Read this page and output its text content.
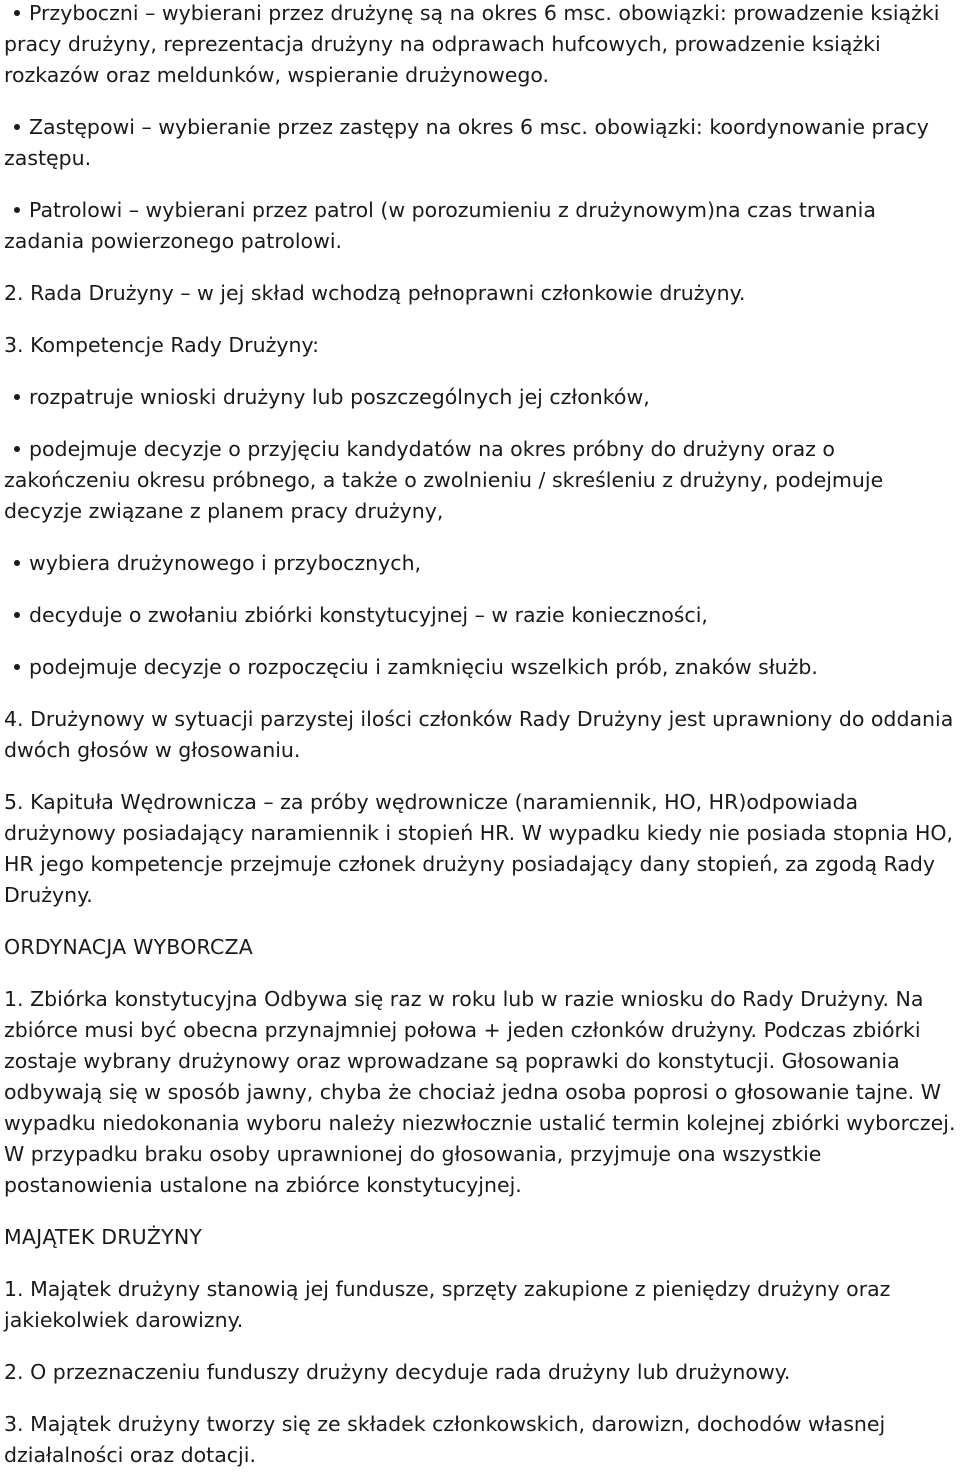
Przyboczni – wybierani przez drużynę są na okres 6 msc. obowiązki: prowadzenie książki pracy drużyny, reprezentacja drużyny na odprawach hufcowych, prowadzenie książki rozkazów oraz meldunków, wspieranie drużynowego.

Zastępowi – wybieranie przez zastępy na okres 6 msc. obowiązki: koordynowanie pracy zastępu.

Patrolowi – wybierani przez patrol (w porozumieniu z drużynowym)na czas trwania zadania powierzonego patrolowi.

2. Rada Drużyny – w jej skład wchodzą pełnoprawni członkowie drużyny.

3. Kompetencje Rady Drużyny:

rozpatruje wnioski drużyny lub poszczególnych jej członków,

podejmuje decyzje o przyjęciu kandydatów na okres próbny do drużyny oraz o zakończeniu okresu próbnego, a także o zwolnieniu / skreśleniu z drużyny, podejmuje decyzje związane z planem pracy drużyny,

wybiera drużynowego i przybocznych,

decyduje o zwołaniu zbiórki konstytucyjnej – w razie konieczności,

podejmuje decyzje o rozpoczęciu i zamknięciu wszelkich prób, znaków służb.

4. Drużynowy w sytuacji parzystej ilości członków Rady Drużyny jest uprawniony do oddania dwóch głosów w głosowaniu.

5. Kapituła Wędrownicza – za próby wędrownicze (naramiennik, HO, HR)odpowiada drużynowy posiadający naramiennik i stopień HR. W wypadku kiedy nie posiada stopnia HO, HR jego kompetencje przejmuje członek drużyny posiadający dany stopień, za zgodą Rady Drużyny.

ORDYNACJA WYBORCZA

1. Zbiórka konstytucyjna Odbywa się raz w roku lub w razie wniosku do Rady Drużyny. Na zbiórce musi być obecna przynajmniej połowa + jeden członków drużyny. Podczas zbiórki zostaje wybrany drużynowy oraz wprowadzane są poprawki do konstytucji. Głosowania odbywają się w sposób jawny, chyba że chociaż jedna osoba poprosi o głosowanie tajne. W wypadku niedokonania wyboru należy niezwłocznie ustalić termin kolejnej zbiórki wyborczej. W przypadku braku osoby uprawnionej do głosowania, przyjmuje ona wszystkie postanowienia ustalone na zbiórce konstytucyjnej.

MAJĄTEK DRUŻYNY

1. Majątek drużyny stanowią jej fundusze, sprzęty zakupione z pieniędzy drużyny oraz jakiekolwiek darowizny.

2. O przeznaczeniu funduszy drużyny decyduje rada drużyny lub drużynowy.

3. Majątek drużyny tworzy się ze składek członkowskich, darowizn, dochodów własnej działalności oraz dotacji.
